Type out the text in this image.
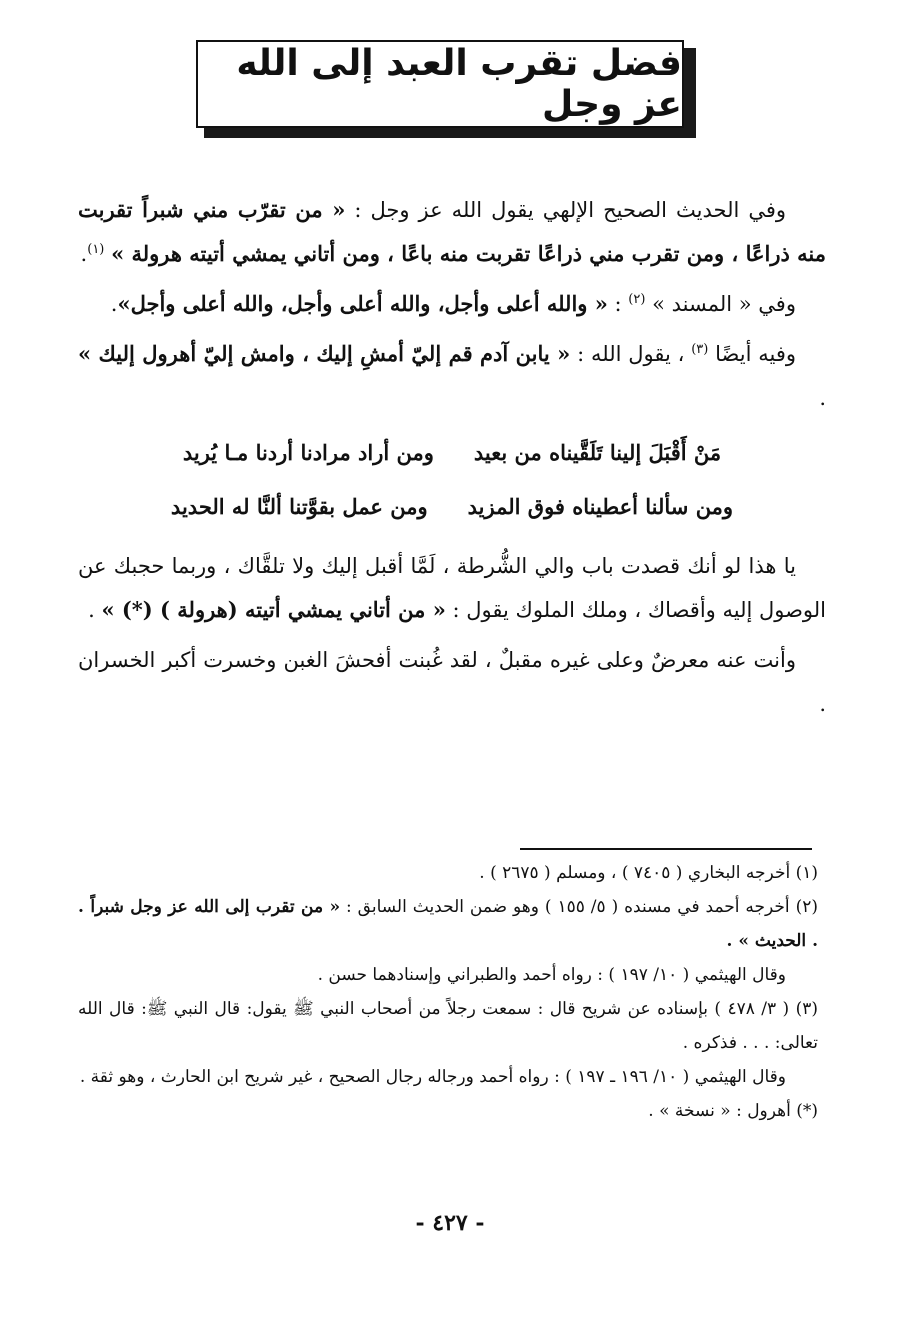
فضل تقرب العبد إلى الله عز وجل

وفي الحديث الصحيح الإلهي يقول الله عز وجل : « من تقرّب مني شبراً تقربت منه ذراعًا ، ومن تقرب مني ذراعًا تقربت منه باعًا ، ومن أتاني يمشي أتيته هرولة » $^{(١)}$.

وفي « المسند » $^{(٢)}$ : « والله أعلى وأجل، والله أعلى وأجل، والله أعلى وأجل».

وفيه أيضًا $^{(٣)}$ ، يقول الله : « يابن آدم قم إليّ أمشِ إليك ، وامش إليّ أهرول إليك » .

مَنْ أَقْبَلَ إلينا تَلَقَّيناه من بعيد
ومن أراد مرادنا أردنا مـا يُريد
ومن سألنا أعطيناه فوق المزيد
ومن عمل بقوَّتنا ألنَّا له الحديد

يا هذا لو أنك قصدت باب والي الشُّرطة ، لَمَّا أقبل إليك ولا تلقَّاك ، وربما حجبك عن الوصول إليه وأقصاك ، وملك الملوك يقول : « من أتاني يمشي أتيته (هرولة ) (*) » .

وأنت عنه معرضٌ وعلى غيره مقبلٌ ، لقد غُبنت أفحشَ الغبن وخسرت أكبر الخسران .

(١) أخرجه البخاري ( ٧٤٠٥ ) ، ومسلم ( ٢٦٧٥ ) .

(٢) أخرجه أحمد في مسنده ( ٥/ ١٥٥ ) وهو ضمن الحديث السابق : « من تقرب إلى الله عز وجل شبراً . . الحديث » .

وقال الهيثمي ( ١٠/ ١٩٧ ) : رواه أحمد والطبراني وإسنادهما حسن .

(٣) ( ٣/ ٤٧٨ ) بإسناده عن شريح قال : سمعت رجلاً من أصحاب النبي ﷺ يقول: قال النبي ﷺ: قال الله تعالى: . . . فذكره .

وقال الهيثمي ( ١٠/ ١٩٦ ـ ١٩٧ ) : رواه أحمد ورجاله رجال الصحيح ، غير شريح ابن الحارث ، وهو ثقة .

(*) أهرول : « نسخة » .

- ٤٢٧ -
